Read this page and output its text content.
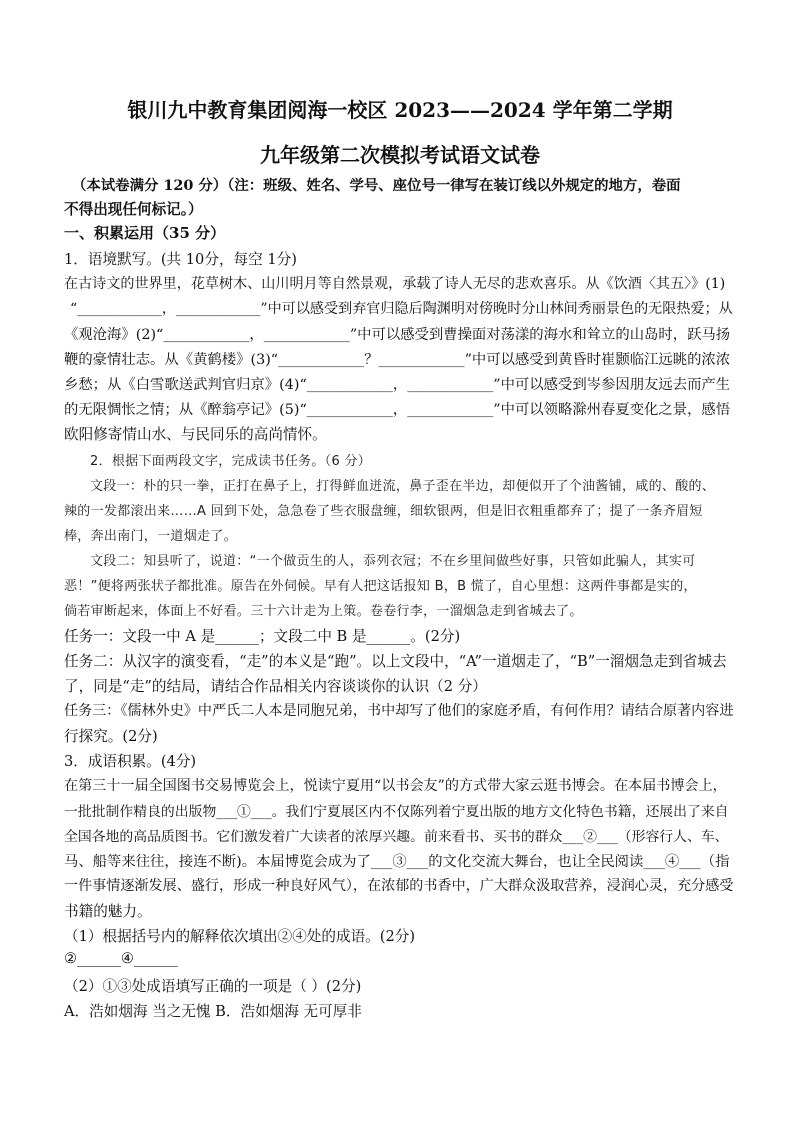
银川九中教育集团阅海一校区 2023——2024 学年第二学期
九年级第二次模拟考试语文试卷
（本试卷满分 120 分）（注：班级、姓名、学号、座位号一律写在装订线以外规定的地方，卷面
不得出现任何标记。）
一、积累运用（35 分）
1．语境默写。(共 10分，每空 1分)
在古诗文的世界里，花草树木、山川明月等自然景观，承载了诗人无尽的悲欢喜乐。从《饮酒〈其五〉》(1)
“____________，____________”中可以感受到弃官归隐后陶渊明对傍晚时分山林间秀丽景色的无限热爱；从
《观沧海》(2)“____________，____________”中可以感受到曹操面对荡漾的海水和耸立的山岛时，跃马扬
鞭的豪情壮志。从《黄鹤楼》(3)“____________？____________”中可以感受到黄昏时崔颢临江远眺的浓浓
乡愁；从《白雪歌送武判官归京》(4)“____________，____________”中可以感受到岑参因朋友远去而产生
的无限惆怅之情；从《醉翁亭记》(5)“____________，____________”中可以领略滁州春夏变化之景，感悟
欧阳修寄情山水、与民同乐的高尚情怀。
2．根据下面两段文字，完成读书任务。（6 分）
文段一：朴的只一拳，正打在鼻子上，打得鲜血迸流，鼻子歪在半边，却便似开了个油酱铺，咸的、酸的、
辣的一发都滚出来……A 回到下处，急急卷了些衣服盘缠，细软银两，但是旧衣粗重都弃了；提了一条齐眉短
棒，奔出南门，一道烟走了。
文段二：知县听了，说道：“一个做贡生的人，忝列衣冠；不在乡里间做些好事，只管如此骗人，其实可
恶！”便将两张状子都批准。原告在外伺候。早有人把这话报知 B，B 慌了，自心里想：这两件事都是实的，
倘若审断起来，体面上不好看。三十六计走为上策。卷卷行李，一溜烟急走到省城去了。
任务一：文段一中 A 是______；文段二中 B 是______。(2分)
任务二：从汉字的演变看，“走”的本义是“跑”。以上文段中，“A”一道烟走了，“B”一溜烟急走到省城去
了，同是“走”的结局，请结合作品相关内容谈谈你的认识（2 分）
任务三：《儒林外史》中严氏二人本是同胞兄弟，书中却写了他们的家庭矛盾，有何作用？请结合原著内容进
行探究。(2分)
3．成语积累。(4分)
在第三十一届全国图书交易博览会上，悦读宁夏用“以书会友”的方式带大家云逛书博会。在本届书博会上，
一批批制作精良的出版物___①___。我们宁夏展区内不仅陈列着宁夏出版的地方文化特色书籍，还展出了来自
全国各地的高品质图书。它们激发着广大读者的浓厚兴趣。前来看书、买书的群众___②___（形容行人、车、
马、船等来往往，接连不断)。本届博览会成为了___③___的文化交流大舞台，也让全民阅读___④___（指
一件事情逐渐发展、盛行，形成一种良好风气），在浓郁的书香中，广大群众汲取营养，浸润心灵，充分感受
书籍的魅力。
（1）根据括号内的解释依次填出②④处的成语。(2分)
②______④______
（2）①③处成语填写正确的一项是（ ）(2分)
A．浩如烟海 当之无愧 B．浩如烟海 无可厚非
